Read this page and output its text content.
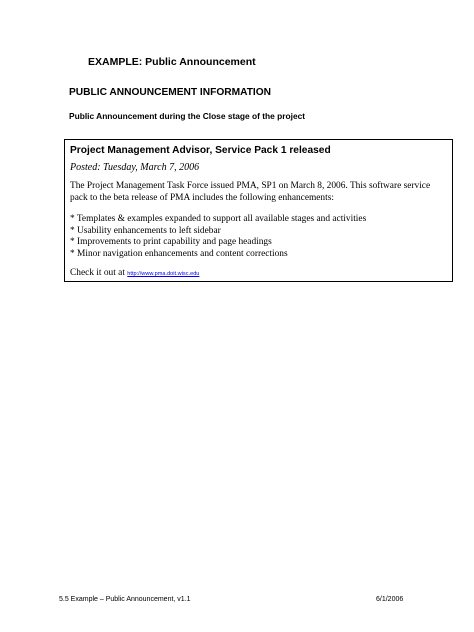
EXAMPLE: Public Announcement
PUBLIC ANNOUNCEMENT INFORMATION
Public Announcement during the Close stage of the project
Project Management Advisor, Service Pack 1 released
Posted: Tuesday, March 7, 2006
The Project Management Task Force issued PMA, SP1 on March 8, 2006. This software service pack to the beta release of PMA includes the following enhancements:
* Templates & examples expanded to support all available stages and activities
* Usability enhancements to left sidebar
* Improvements to print capability and page headings
* Minor navigation enhancements and content corrections
Check it out at http://www.pma.doit.wisc.edu
5.5 Example – Public Announcement, v1.1	6/1/2006
